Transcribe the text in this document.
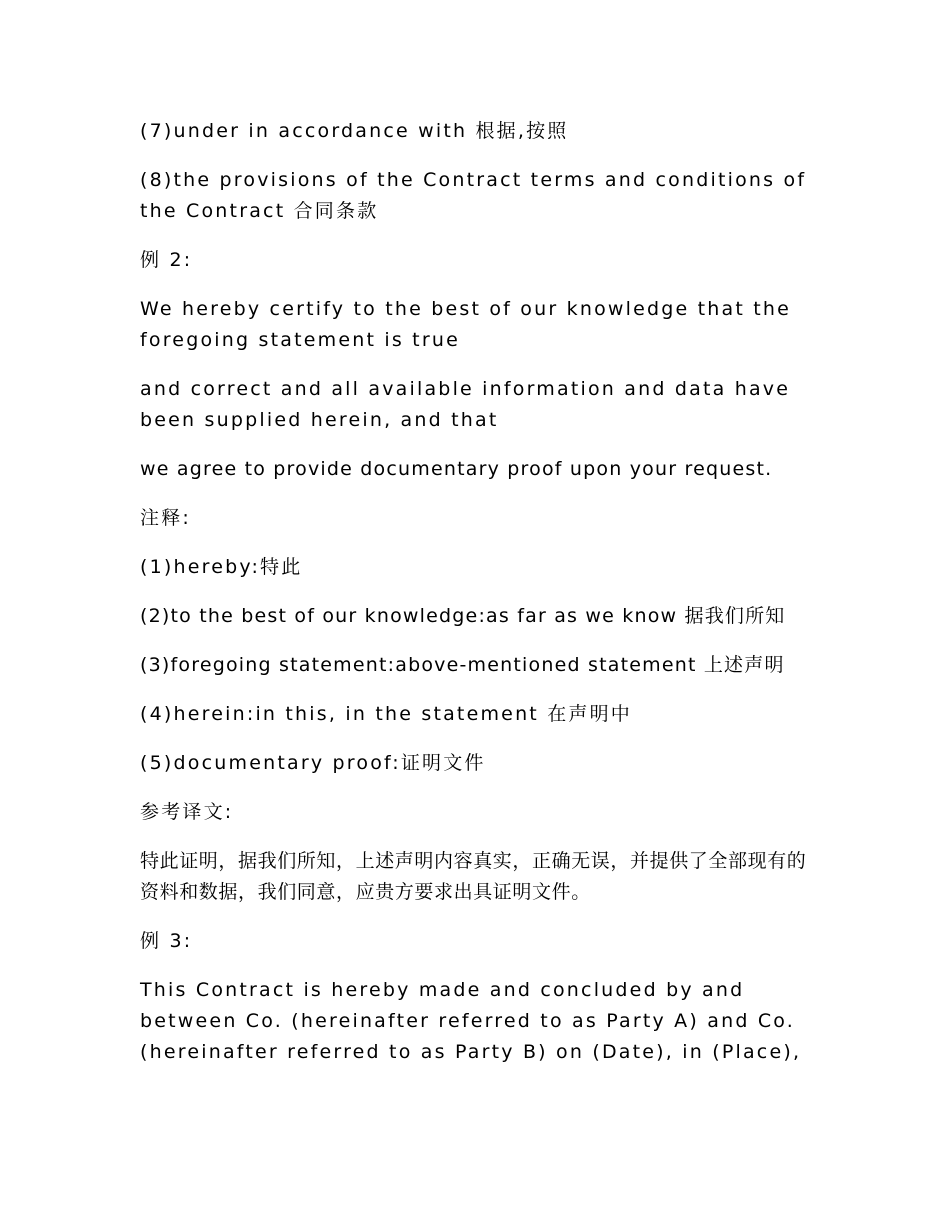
(7)under in accordance with 根据,按照

(8)the provisions of the Contract terms and conditions of the Contract 合同条款

例 2:

We hereby certify to the best of our knowledge that the foregoing statement is true

and correct and all available information and data have been supplied herein, and that

we agree to provide documentary proof upon your request.

注释:

(1)hereby:特此

(2)to the best of our knowledge:as far as we know 据我们所知

(3)foregoing statement:above-mentioned statement 上述声明

(4)herein:in this, in the statement 在声明中

(5)documentary proof:证明文件

参考译文:

特此证明，据我们所知，上述声明内容真实，正确无误，并提供了全部现有的资料和数据，我们同意，应贵方要求出具证明文件。

例 3:

This Contract is hereby made and concluded by and between Co. (hereinafter referred to as Party A) and Co. (hereinafter referred to as Party B) on (Date), in (Place),
